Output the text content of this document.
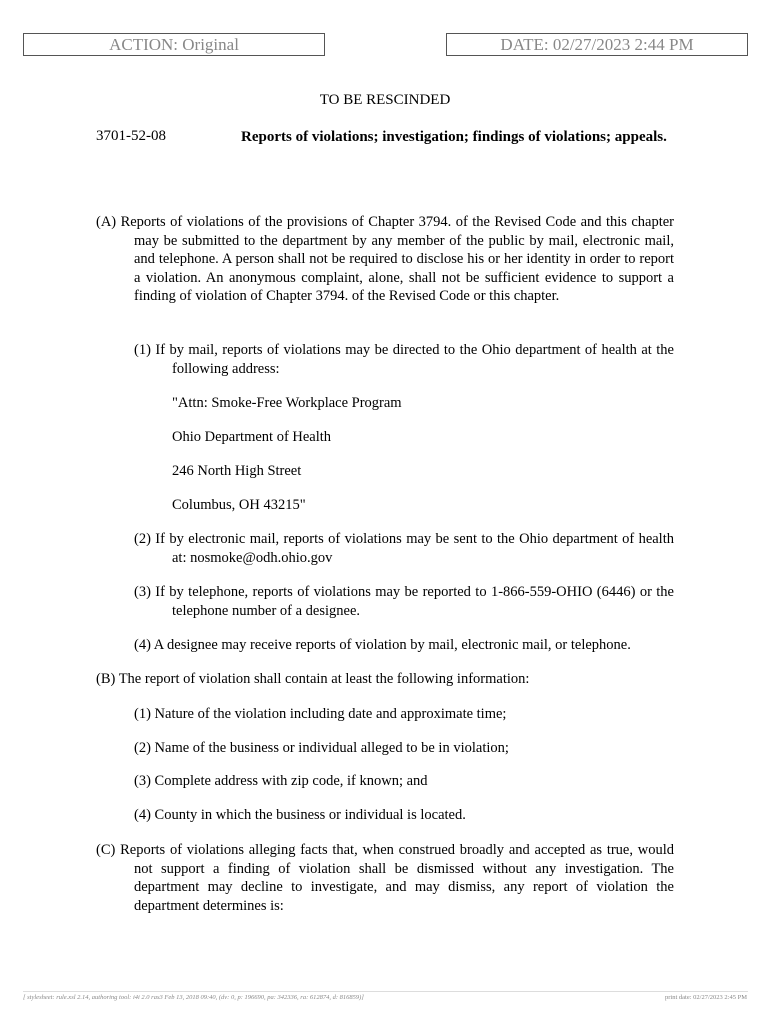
ACTION: Original	DATE: 02/27/2023 2:44 PM
TO BE RESCINDED
3701-52-08	Reports of violations; investigation; findings of violations; appeals.
(A) Reports of violations of the provisions of Chapter 3794. of the Revised Code and this chapter may be submitted to the department by any member of the public by mail, electronic mail, and telephone. A person shall not be required to disclose his or her identity in order to report a violation. An anonymous complaint, alone, shall not be sufficient evidence to support a finding of violation of Chapter 3794. of the Revised Code or this chapter.
(1) If by mail, reports of violations may be directed to the Ohio department of health at the following address:
"Attn: Smoke-Free Workplace Program
Ohio Department of Health
246 North High Street
Columbus, OH 43215"
(2) If by electronic mail, reports of violations may be sent to the Ohio department of health at: nosmoke@odh.ohio.gov
(3) If by telephone, reports of violations may be reported to 1-866-559-OHIO (6446) or the telephone number of a designee.
(4) A designee may receive reports of violation by mail, electronic mail, or telephone.
(B) The report of violation shall contain at least the following information:
(1) Nature of the violation including date and approximate time;
(2) Name of the business or individual alleged to be in violation;
(3) Complete address with zip code, if known; and
(4) County in which the business or individual is located.
(C) Reports of violations alleging facts that, when construed broadly and accepted as true, would not support a finding of violation shall be dismissed without any investigation. The department may decline to investigate, and may dismiss, any report of violation the department determines is:
[ stylesheet: rule.xsl 2.14, authoring tool: i4i 2.0 ras3 Feb 13, 2018 09:40, (dv: 0, p: 196690, pa: 342336, ra: 612874, d: 816859)]	print date: 02/27/2023 2:45 PM
